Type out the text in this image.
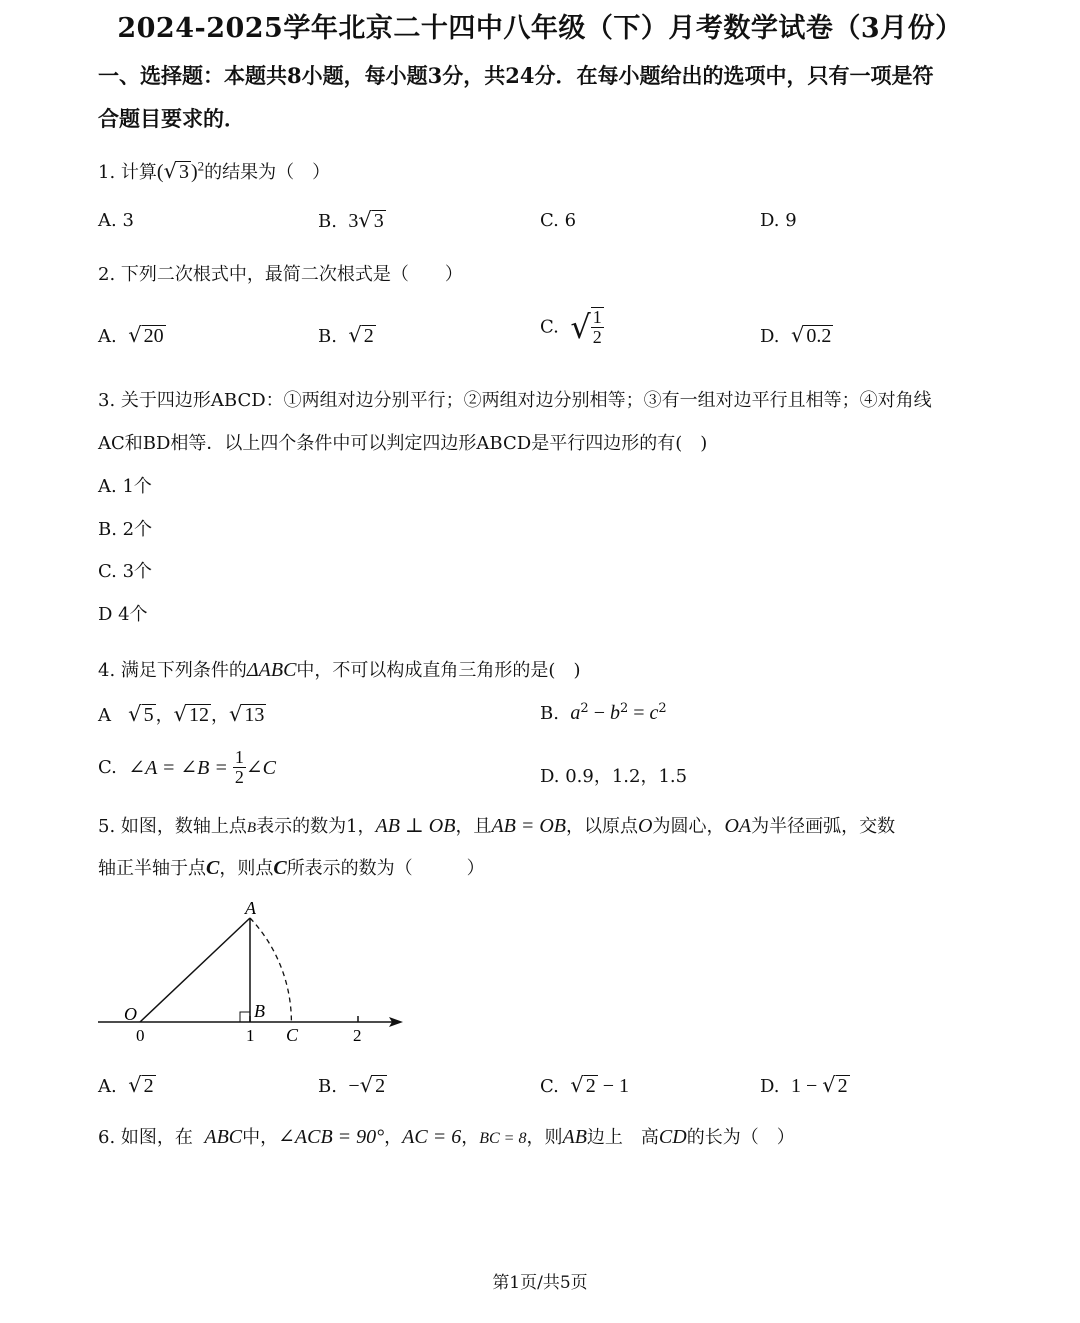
2024-2025学年北京二十四中八年级（下）月考数学试卷（3月份）
一、选择题：本题共8小题，每小题3分，共24分．在每小题给出的选项中，只有一项是符
合题目要求的．
1. 计算(√ 3 )$^2$的结果为（　）
A. 3	B. 3√ 3	C. 6	D. 9
2. 下列二次根式中，最简二次根式是（　　）
A. √ 20	B. √ 2	C. √ $\frac{1}{2}$	D. √ 0.2
3. 关于四边形ABCD：①两组对边分别平行；②两组对边分别相等；③有一组对边平行且相等；④对角线
AC和BD相等．以上四个条件中可以判定四边形ABCD是平行四边形的有(　)
A. 1个
B. 2个
C. 3个
D 4个
4. 满足下列条件的ΔABC中，不可以构成直角三角形的是(　)
A √ 5 ，√ 12 ，√ 13	B. $a^2 - b^2 = c^2$
C. ∠A = ∠B = $\frac{1}{2}$ ∠C	D. 0.9，1.2，1.5
5. 如图，数轴上点B表示的数为1，AB ⊥ OB，且AB = OB，以原点O为圆心，OA为半径画弧，交数
轴正半轴于点C，则点C所表示的数为（　　　）
A
O	B
C
0	1	2
A. √ 2	B. −√ 2	C. √ 2 − 1	D. 1 − √ 2
6. 如图，在 ABC中，∠ACB = 90°，AC = 6，BC = 8，则AB边上　高CD的长为（　）
第1页/共5页
